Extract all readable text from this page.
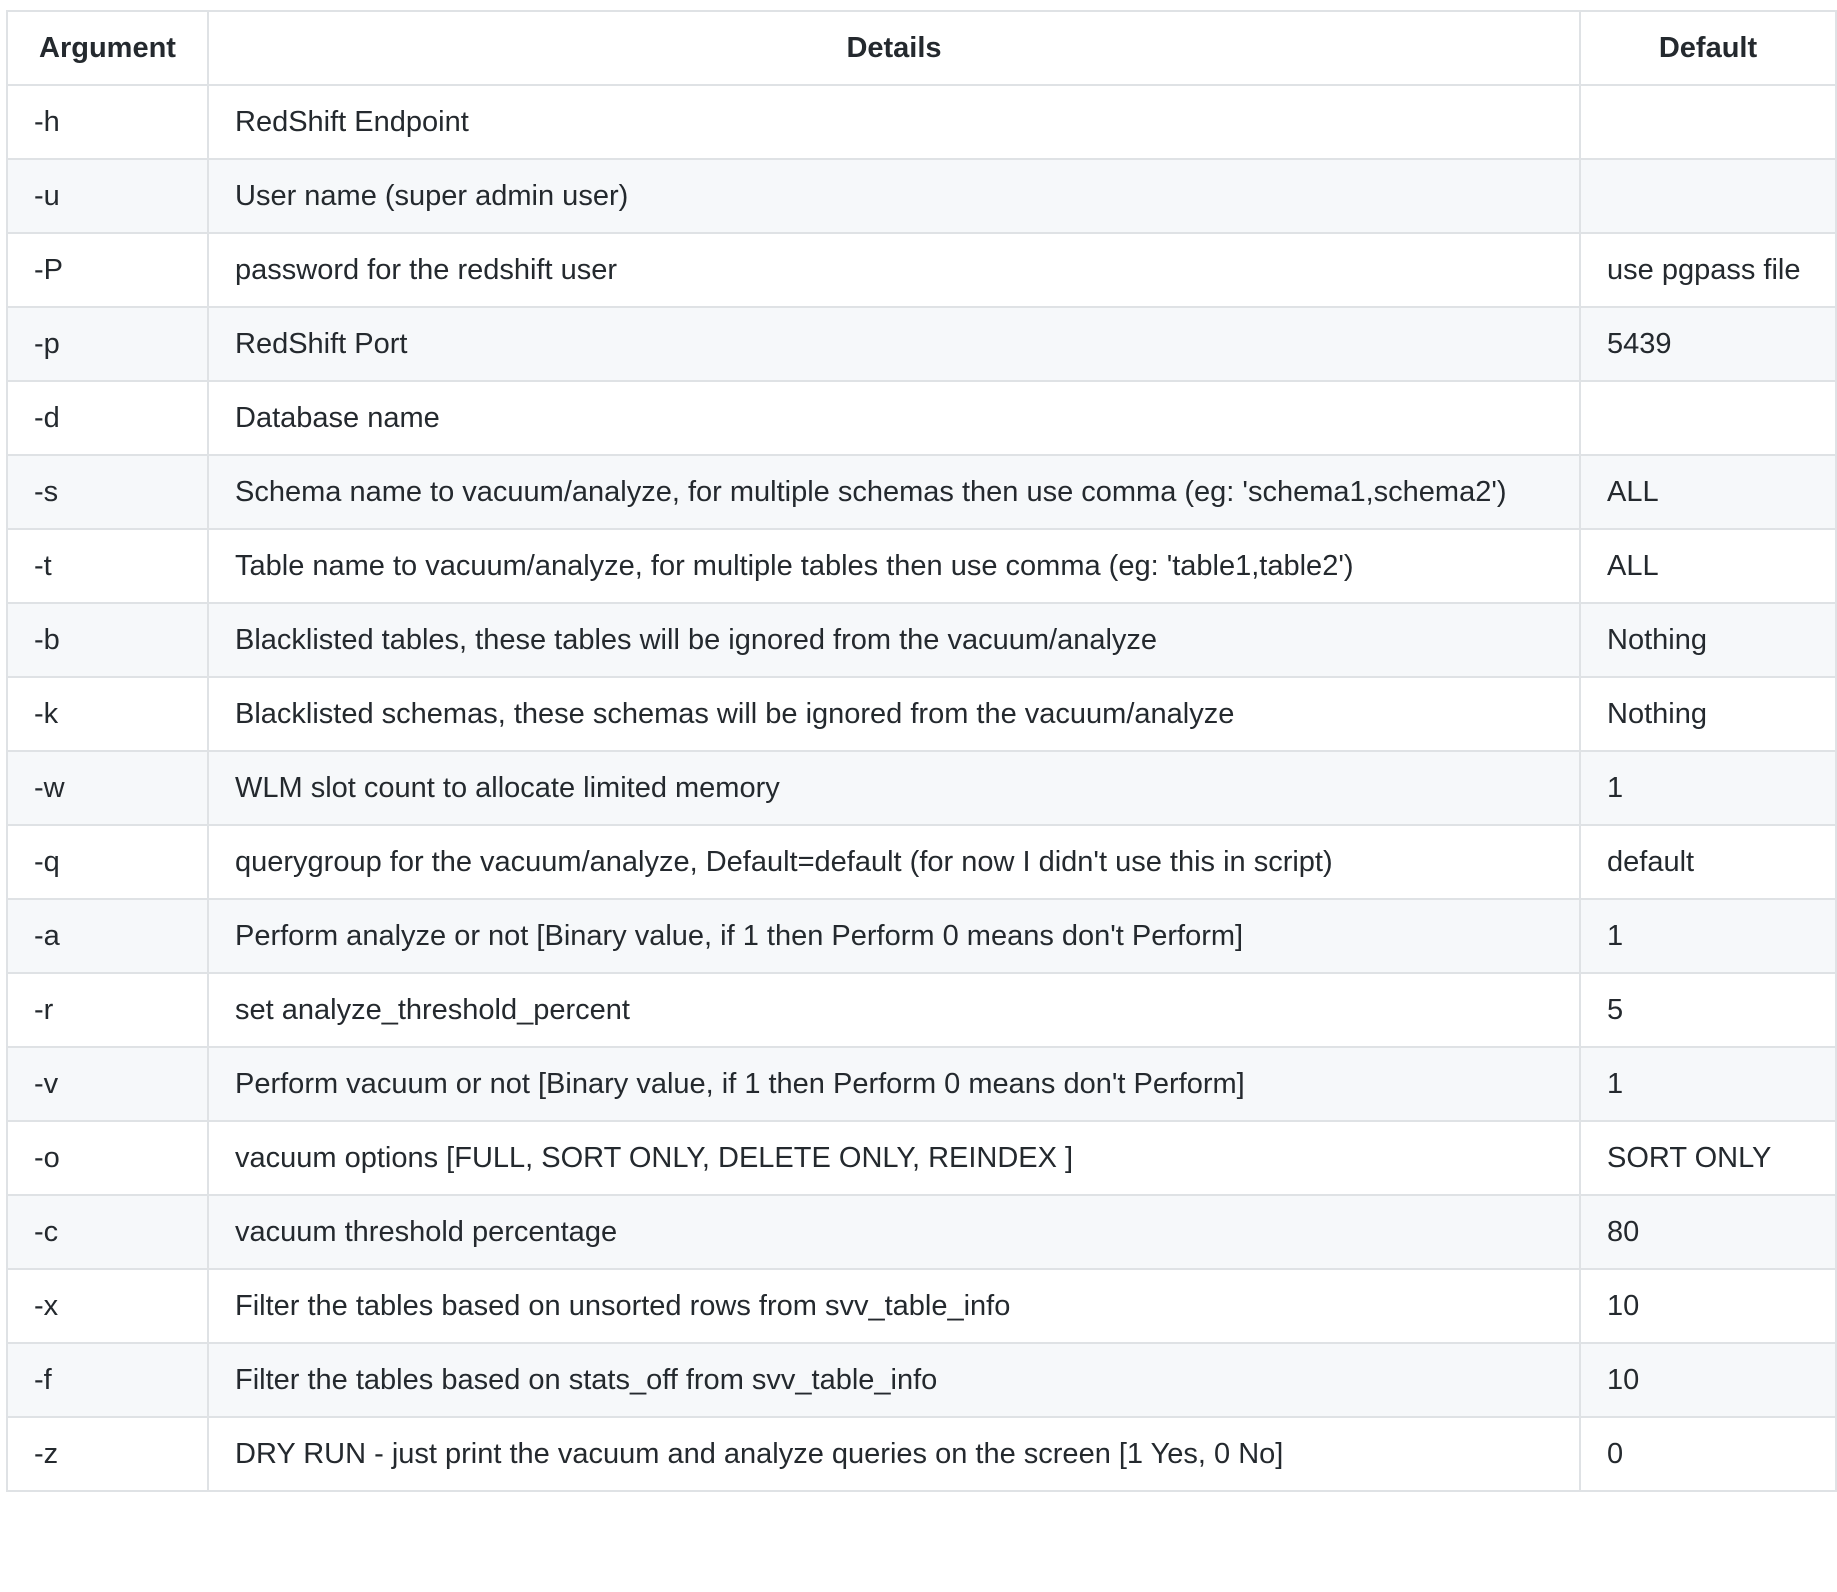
Argument	Details	Default
-h	RedShift Endpoint	
-u	User name (super admin user)	
-P	password for the redshift user	use pgpass file
-p	RedShift Port	5439
-d	Database name	
-s	Schema name to vacuum/analyze, for multiple schemas then use comma (eg: 'schema1,schema2')	ALL
-t	Table name to vacuum/analyze, for multiple tables then use comma (eg: 'table1,table2')	ALL
-b	Blacklisted tables, these tables will be ignored from the vacuum/analyze	Nothing
-k	Blacklisted schemas, these schemas will be ignored from the vacuum/analyze	Nothing
-w	WLM slot count to allocate limited memory	1
-q	querygroup for the vacuum/analyze, Default=default (for now I didn't use this in script)	default
-a	Perform analyze or not [Binary value, if 1 then Perform 0 means don't Perform]	1
-r	set analyze_threshold_percent	5
-v	Perform vacuum or not [Binary value, if 1 then Perform 0 means don't Perform]	1
-o	vacuum options [FULL, SORT ONLY, DELETE ONLY, REINDEX ]	SORT ONLY
-c	vacuum threshold percentage	80
-x	Filter the tables based on unsorted rows from svv_table_info	10
-f	Filter the tables based on stats_off from svv_table_info	10
-z	DRY RUN - just print the vacuum and analyze queries on the screen [1 Yes, 0 No]	0
